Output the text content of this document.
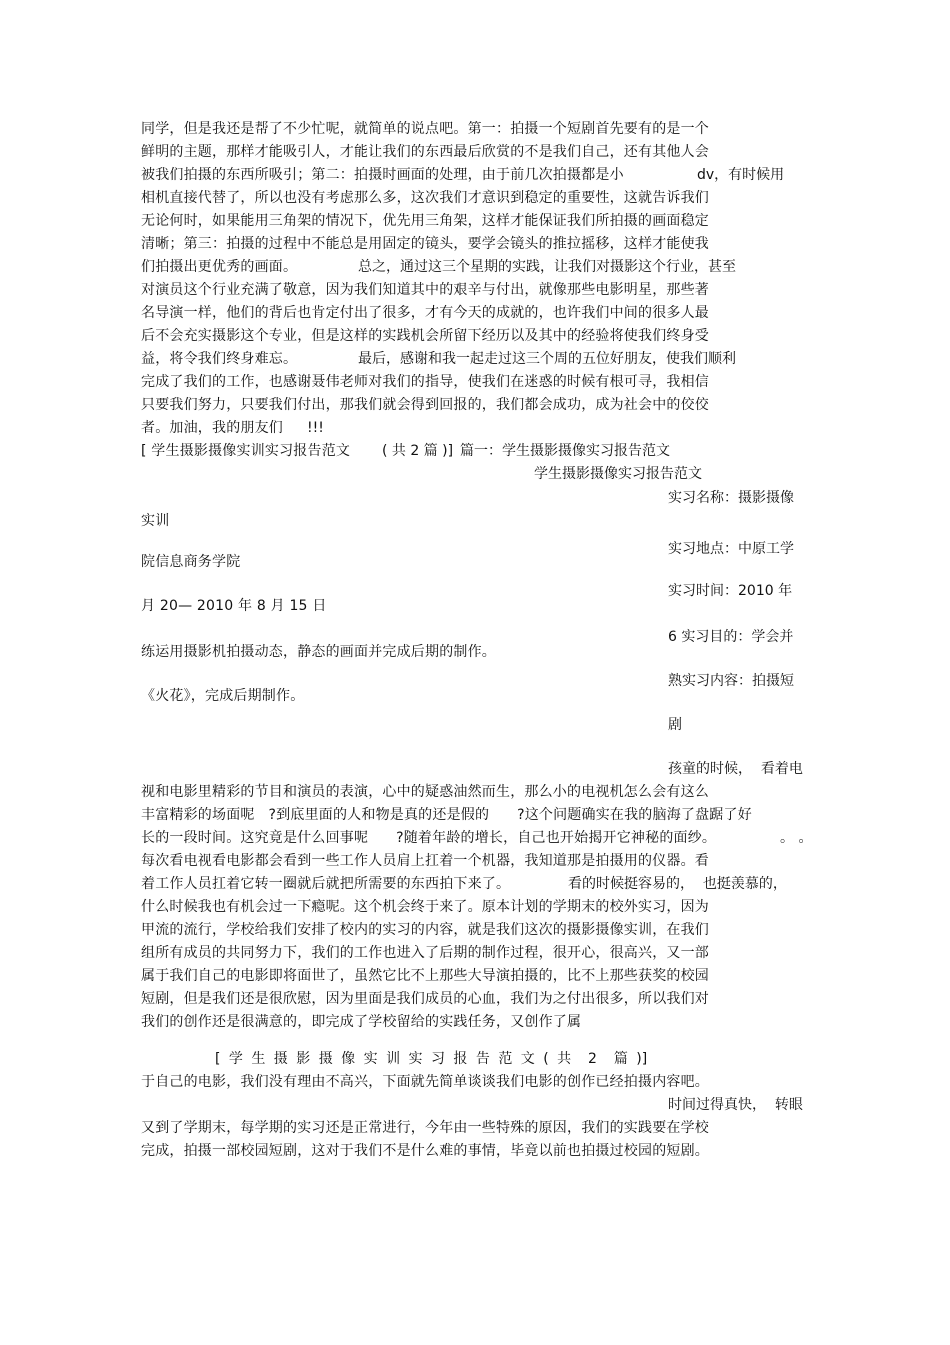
同学，但是我还是帮了不少忙呢，就简单的说点吧。第一：拍摄一个短剧首先要有的是一个
鲜明的主题，那样才能吸引人，才能让我们的东西最后欣赏的不是我们自己，还有其他人会
被我们拍摄的东西所吸引；第二：拍摄时画面的处理，由于前几次拍摄都是小	dv，有时候用
相机直接代替了，所以也没有考虑那么多，这次我们才意识到稳定的重要性，这就告诉我们
无论何时，如果能用三角架的情况下，优先用三角架，这样才能保证我们所拍摄的画面稳定
清晰；第三：拍摄的过程中不能总是用固定的镜头，要学会镜头的推拉摇移，这样才能使我
们拍摄出更优秀的画面。	总之，通过这三个星期的实践，让我们对摄影这个行业，甚至
对演员这个行业充满了敬意，因为我们知道其中的艰辛与付出，就像那些电影明星，那些著
名导演一样，他们的背后也肯定付出了很多，才有今天的成就的，也许我们中间的很多人最
后不会充实摄影这个专业，但是这样的实践机会所留下经历以及其中的经验将使我们终身受
益，将令我们终身难忘。	最后，感谢和我一起走过这三个周的五位好朋友，使我们顺利
完成了我们的工作，也感谢聂伟老师对我们的指导，使我们在迷惑的时候有根可寻，我相信
只要我们努力，只要我们付出，那我们就会得到回报的，我们都会成功，成为社会中的佼佼
者。加油，我的朋友们 !!!
[ 学生摄影摄像实训实习报告范文 ( 共 2 篇 )] 篇一：学生摄影摄像实习报告范文
学生摄影摄像实习报告范文
实习名称：摄影摄像
实训
实习地点：中原工学
院信息商务学院
实习时间：2010 年
月 20— 2010 年 8 月 15 日
6 实习目的：学会并
练运用摄影机拍摄动态，静态的画面并完成后期的制作。
熟实习内容：拍摄短
《火花》，完成后期制作。
剧
孩童的时候，  看着电
视和电影里精彩的节目和演员的表演，心中的疑惑油然而生，那么小的电视机怎么会有这么
丰富精彩的场面呢   ?到底里面的人和物是真的还是假的      ?这个问题确实在我的脑海了盘踞了好
长的一段时间。这究竟是什么回事呢      ?随着年龄的增长，自己也开始揭开它神秘的面纱。	。 。
每次看电视看电影都会看到一些工作人员肩上扛着一个机器，我知道那是拍摄用的仪器。看
着工作人员扛着它转一圈就后就把所需要的东西拍下来了。	看的时候挺容易的，  也挺羡慕的，
什么时候我也有机会过一下瘾呢。这个机会终于来了。原本计划的学期末的校外实习，因为
甲流的流行，学校给我们安排了校内的实习的内容，就是我们这次的摄影摄像实训，在我们
组所有成员的共同努力下，我们的工作也进入了后期的制作过程，很开心，很高兴，又一部
属于我们自己的电影即将面世了，虽然它比不上那些大导演拍摄的，比不上那些获奖的校园
短剧，但是我们还是很欣慰，因为里面是我们成员的心血，我们为之付出很多，所以我们对
我们的创作还是很满意的，即完成了学校留给的实践任务，又创作了属
[ 学 生 摄 影 摄 像 实 训 实 习 报 告 范 文 ( 共  2  篇 )]
于自己的电影，我们没有理由不高兴，下面就先简单谈谈我们电影的创作已经拍摄内容吧。
时间过得真快，  转眼
又到了学期末，每学期的实习还是正常进行，今年由一些特殊的原因，我们的实践要在学校
完成，拍摄一部校园短剧，这对于我们不是什么难的事情，毕竟以前也拍摄过校园的短剧。
